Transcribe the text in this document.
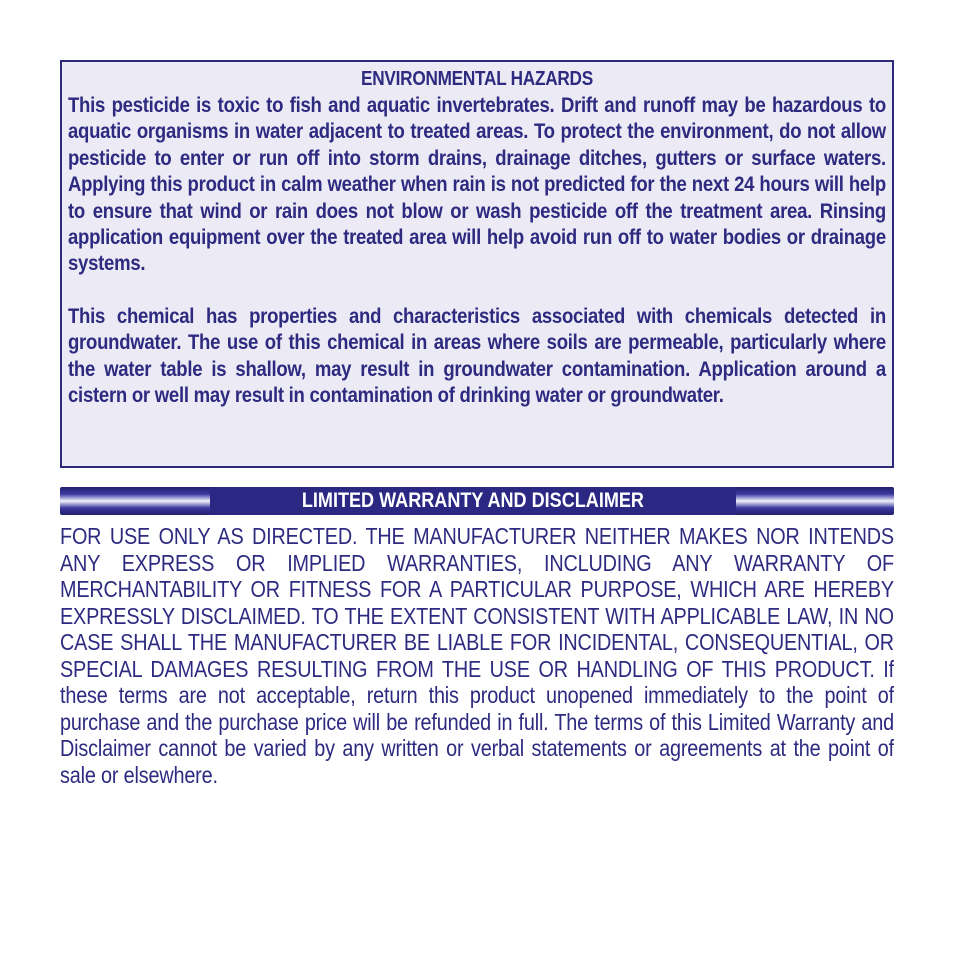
ENVIRONMENTAL HAZARDS

This pesticide is toxic to fish and aquatic invertebrates. Drift and runoff may be hazardous to aquatic organisms in water adjacent to treated areas. To protect the environment, do not allow pesticide to enter or run off into storm drains, drainage ditches, gutters or surface waters. Applying this product in calm weather when rain is not predicted for the next 24 hours will help to ensure that wind or rain does not blow or wash pesticide off the treatment area. Rinsing application equipment over the treated area will help avoid run off to water bodies or drainage systems.

This chemical has properties and characteristics associated with chemicals detected in groundwater. The use of this chemical in areas where soils are permeable, particularly where the water table is shallow, may result in groundwater contamination. Application around a cistern or well may result in contamination of drinking water or groundwater.

LIMITED WARRANTY AND DISCLAIMER

FOR USE ONLY AS DIRECTED. THE MANUFACTURER NEITHER MAKES NOR INTENDS ANY EXPRESS OR IMPLIED WARRANTIES, INCLUDING ANY WARRANTY OF MERCHANTABILITY OR FITNESS FOR A PARTICULAR PURPOSE, WHICH ARE HEREBY EXPRESSLY DISCLAIMED. TO THE EXTENT CONSISTENT WITH APPLICABLE LAW, IN NO CASE SHALL THE MANUFACTURER BE LIABLE FOR INCIDENTAL, CONSEQUENTIAL, OR SPECIAL DAMAGES RESULTING FROM THE USE OR HANDLING OF THIS PRODUCT. If these terms are not acceptable, return this product unopened immediately to the point of purchase and the purchase price will be refunded in full. The terms of this Limited Warranty and Disclaimer cannot be varied by any written or verbal statements or agreements at the point of sale or elsewhere.
